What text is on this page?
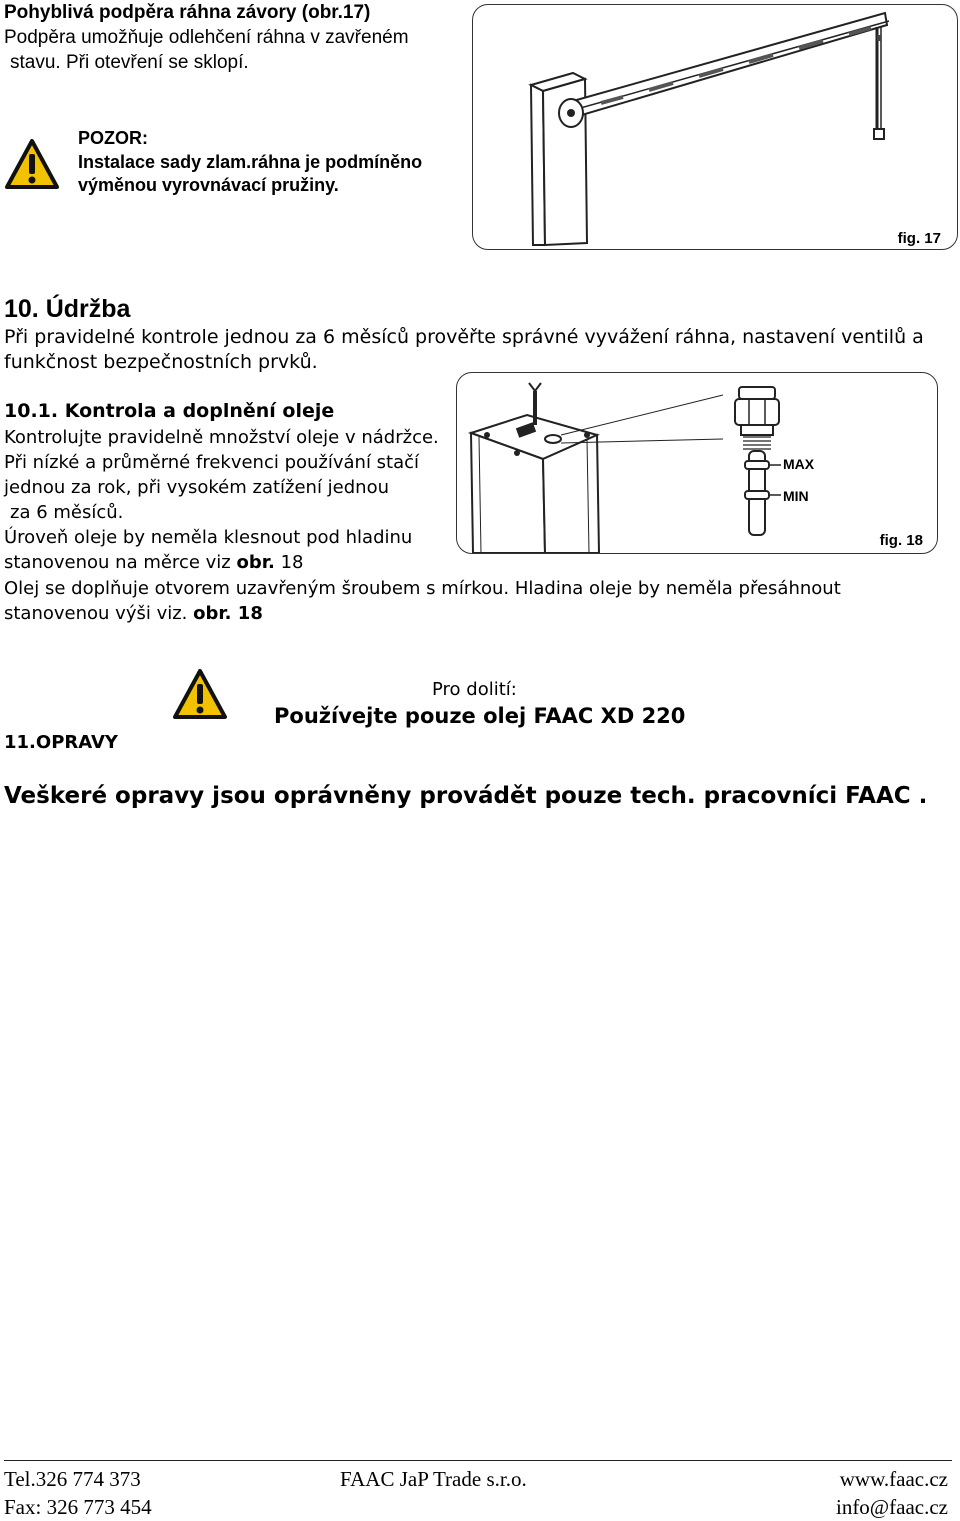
Pohyblivá podpěra ráhna závory (obr.17)
Podpěra umožňuje odlehčení ráhna v zavřeném
stavu. Při otevření se sklopí.
POZOR:
Instalace sady zlam.ráhna je podmíněno
výměnou vyrovnávací pružiny.
fig. 17
10. Údržba
Při pravidelné kontrole jednou za 6 měsíců prověřte správné vyvážení ráhna, nastavení ventilů a
funkčnost bezpečnostních prvků.
MAX
MIN
fig. 18
10.1. Kontrola a doplnění oleje
Kontrolujte pravidelně množství oleje v nádržce.
Při nízké a průměrné frekvenci používání stačí
jednou za rok, při vysokém zatížení jednou
za 6 měsíců.
Úroveň oleje by neměla klesnout pod hladinu
stanovenou na měrce viz obr. 18
Olej se doplňuje otvorem uzavřeným šroubem s mírkou. Hladina oleje by neměla přesáhnout
stanovenou výši viz. obr. 18
Pro dolití:
Používejte pouze olej FAAC XD 220
11.OPRAVY
Veškeré opravy jsou oprávněny provádět pouze tech. pracovníci FAAC .
Tel.326 774 373
Fax: 326 773 454
FAAC JaP Trade s.r.o.	www.faac.cz
info@faac.cz
